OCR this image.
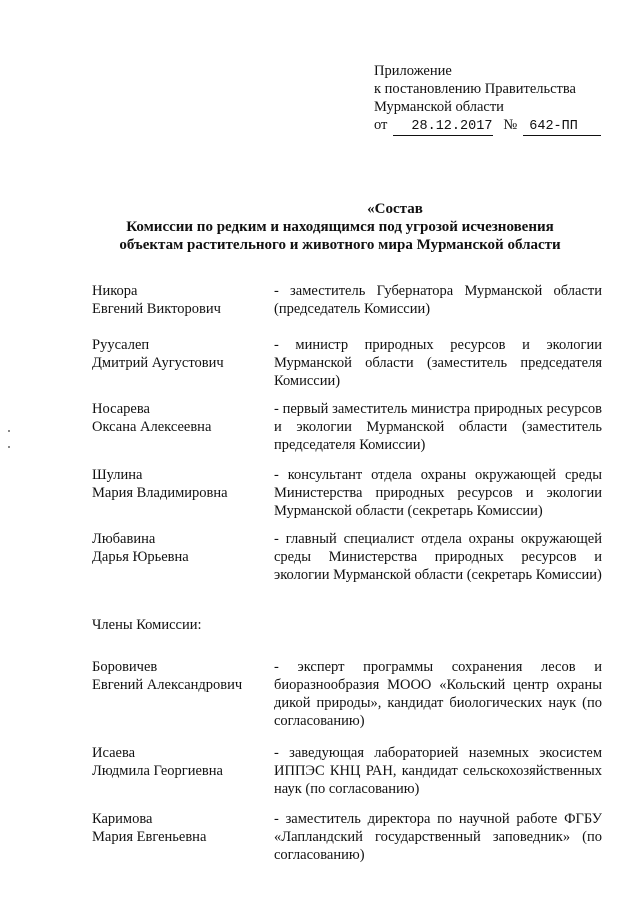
Приложение
к постановлению Правительства
Мурманской области
от	28.12.2017 № 642-ПП
«Состав
Комиссии по редким и находящимся под угрозой исчезновения
объектам растительного и животного мира Мурманской области
Никора
Евгений Викторович
- заместитель Губернатора Мурманской области (председатель Комиссии)
Руусалеп
Дмитрий Аугустович
- министр природных ресурсов и экологии Мурманской области (заместитель председателя Комиссии)
Носарева
Оксана Алексеевна
- первый заместитель министра природных ресурсов и экологии Мурманской области (заместитель председателя Комиссии)
Шулина
Мария Владимировна
- консультант отдела охраны окружающей среды Министерства природных ресурсов и экологии Мурманской области (секретарь Комиссии)
Любавина
Дарья Юрьевна
- главный специалист отдела охраны окружающей среды Министерства природных ресурсов и экологии Мурманской области (секретарь Комиссии)
Члены Комиссии:
Боровичев
Евгений Александрович
- эксперт программы сохранения лесов и биоразнообразия МООО «Кольский центр охраны дикой природы», кандидат биологических наук (по согласованию)
Исаева
Людмила Георгиевна
- заведующая лабораторией наземных экосистем ИППЭС КНЦ РАН, кандидат сельскохозяйственных наук (по согласованию)
Каримова
Мария Евгеньевна
- заместитель директора по научной работе ФГБУ «Лапландский государственный заповедник» (по согласованию)
